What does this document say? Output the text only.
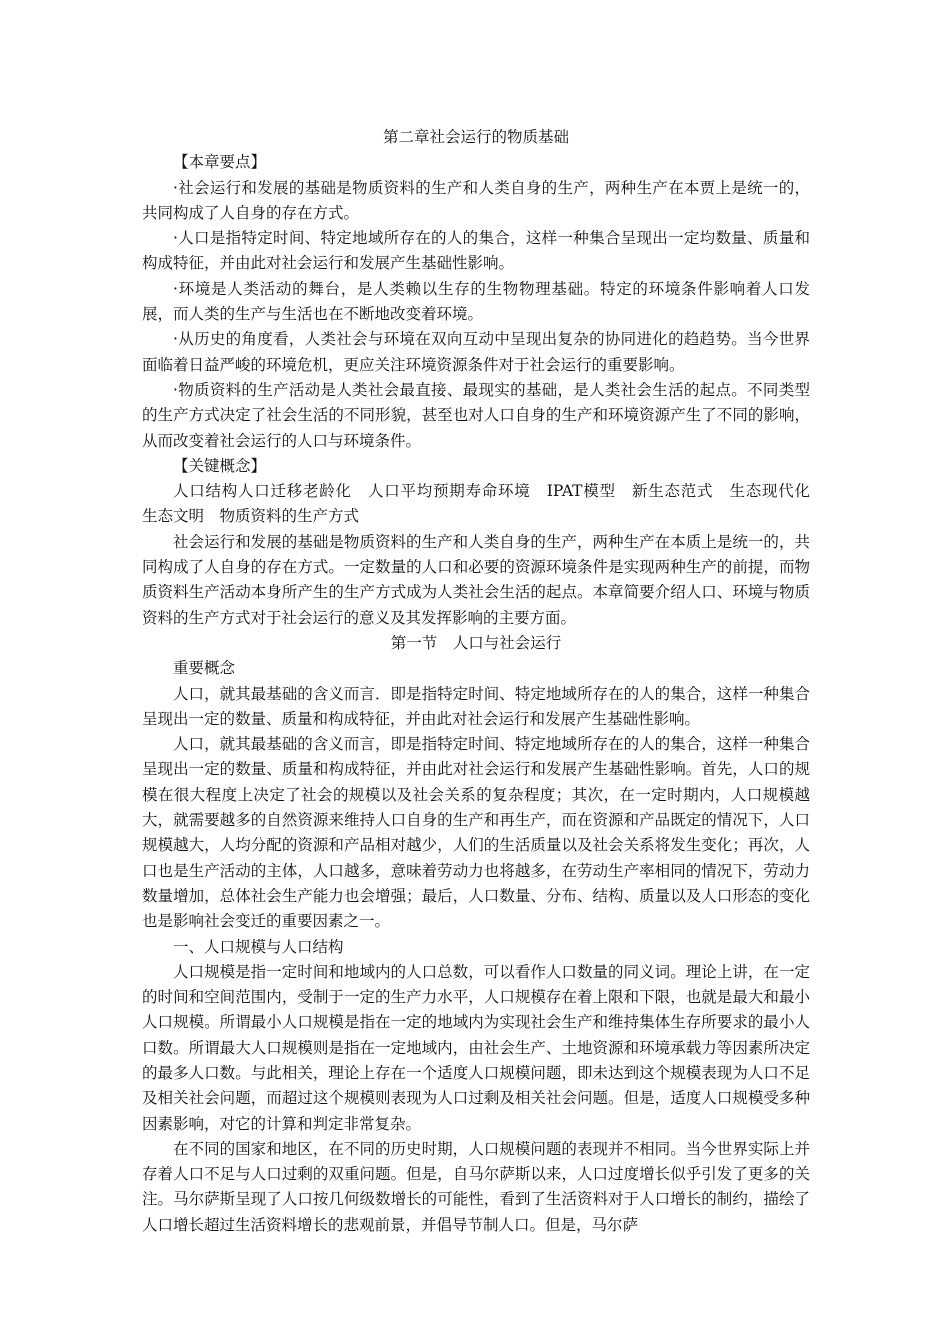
第二章社会运行的物质基础

【本章要点】

·社会运行和发展的基础是物质资料的生产和人类自身的生产，两种生产在本贾上是统一的，共同构成了人自身的存在方式。

·人口是指特定时间、特定地域所存在的人的集合，这样一种集合呈现出一定均数量、质量和构成特征，并由此对社会运行和发展产生基础性影响。

·环境是人类活动的舞台，是人类赖以生存的生物物理基础。特定的环境条件影响着人口发展，而人类的生产与生活也在不断地改变着环境。

·从历史的角度看，人类社会与环境在双向互动中呈现出复杂的协同进化的趋趋势。当今世界面临着日益严峻的环境危机，更应关注环境资源条件对于社会运行的重要影响。

·物质资料的生产活动是人类社会最直接、最现实的基础，是人类社会生活的起点。不同类型的生产方式决定了社会生活的不同形貌，甚至也对人口自身的生产和环境资源产生了不同的影响，从而改变着社会运行的人口与环境条件。

【关键概念】

人口结构人口迁移老龄化　人口平均预期寿命环境　IPAT模型　新生态范式　生态现代化　生态文明　物质资料的生产方式

社会运行和发展的基础是物质资料的生产和人类自身的生产，两种生产在本质上是统一的，共同构成了人自身的存在方式。一定数量的人口和必要的资源环境条件是实现两种生产的前提，而物质资料生产活动本身所产生的生产方式成为人类社会生活的起点。本章简要介绍人口、环境与物质资料的生产方式对于社会运行的意义及其发挥影响的主要方面。

第一节　人口与社会运行

重要概念

人口，就其最基础的含义而言．即是指特定时间、特定地域所存在的人的集合，这样一种集合呈现出一定的数量、质量和构成特征，并由此对社会运行和发展产生基础性影响。

人口，就其最基础的含义而言，即是指特定时间、特定地域所存在的人的集合，这样一种集合呈现出一定的数量、质量和构成特征，并由此对社会运行和发展产生基础性影响。首先，人口的规模在很大程度上决定了社会的规模以及社会关系的复杂程度；其次，在一定时期内，人口规模越大，就需要越多的自然资源来维持人口自身的生产和再生产，而在资源和产品既定的情况下，人口规模越大，人均分配的资源和产品相对越少，人们的生活质量以及社会关系将发生变化；再次，人口也是生产活动的主体，人口越多，意味着劳动力也将越多，在劳动生产率相同的情况下，劳动力数量增加，总体社会生产能力也会增强；最后，人口数量、分布、结构、质量以及人口形态的变化也是影响社会变迁的重要因素之一。

一、人口规模与人口结构

人口规模是指一定时间和地域内的人口总数，可以看作人口数量的同义词。理论上讲，在一定的时间和空间范围内，受制于一定的生产力水平，人口规模存在着上限和下限，也就是最大和最小人口规模。所谓最小人口规模是指在一定的地域内为实现社会生产和维持集体生存所要求的最小人口数。所谓最大人口规模则是指在一定地域内，由社会生产、土地资源和环境承载力等因素所决定的最多人口数。与此相关，理论上存在一个适度人口规模问题，即未达到这个规模表现为人口不足及相关社会问题，而超过这个规模则表现为人口过剩及相关社会问题。但是，适度人口规模受多种因素影响，对它的计算和判定非常复杂。

在不同的国家和地区，在不同的历史时期，人口规模问题的表现并不相同。当今世界实际上并存着人口不足与人口过剩的双重问题。但是，自马尔萨斯以来，人口过度增长似乎引发了更多的关注。马尔萨斯呈现了人口按几何级数增长的可能性，看到了生活资料对于人口增长的制约，描绘了人口增长超过生活资料增长的悲观前景，并倡导节制人口。但是，马尔萨
